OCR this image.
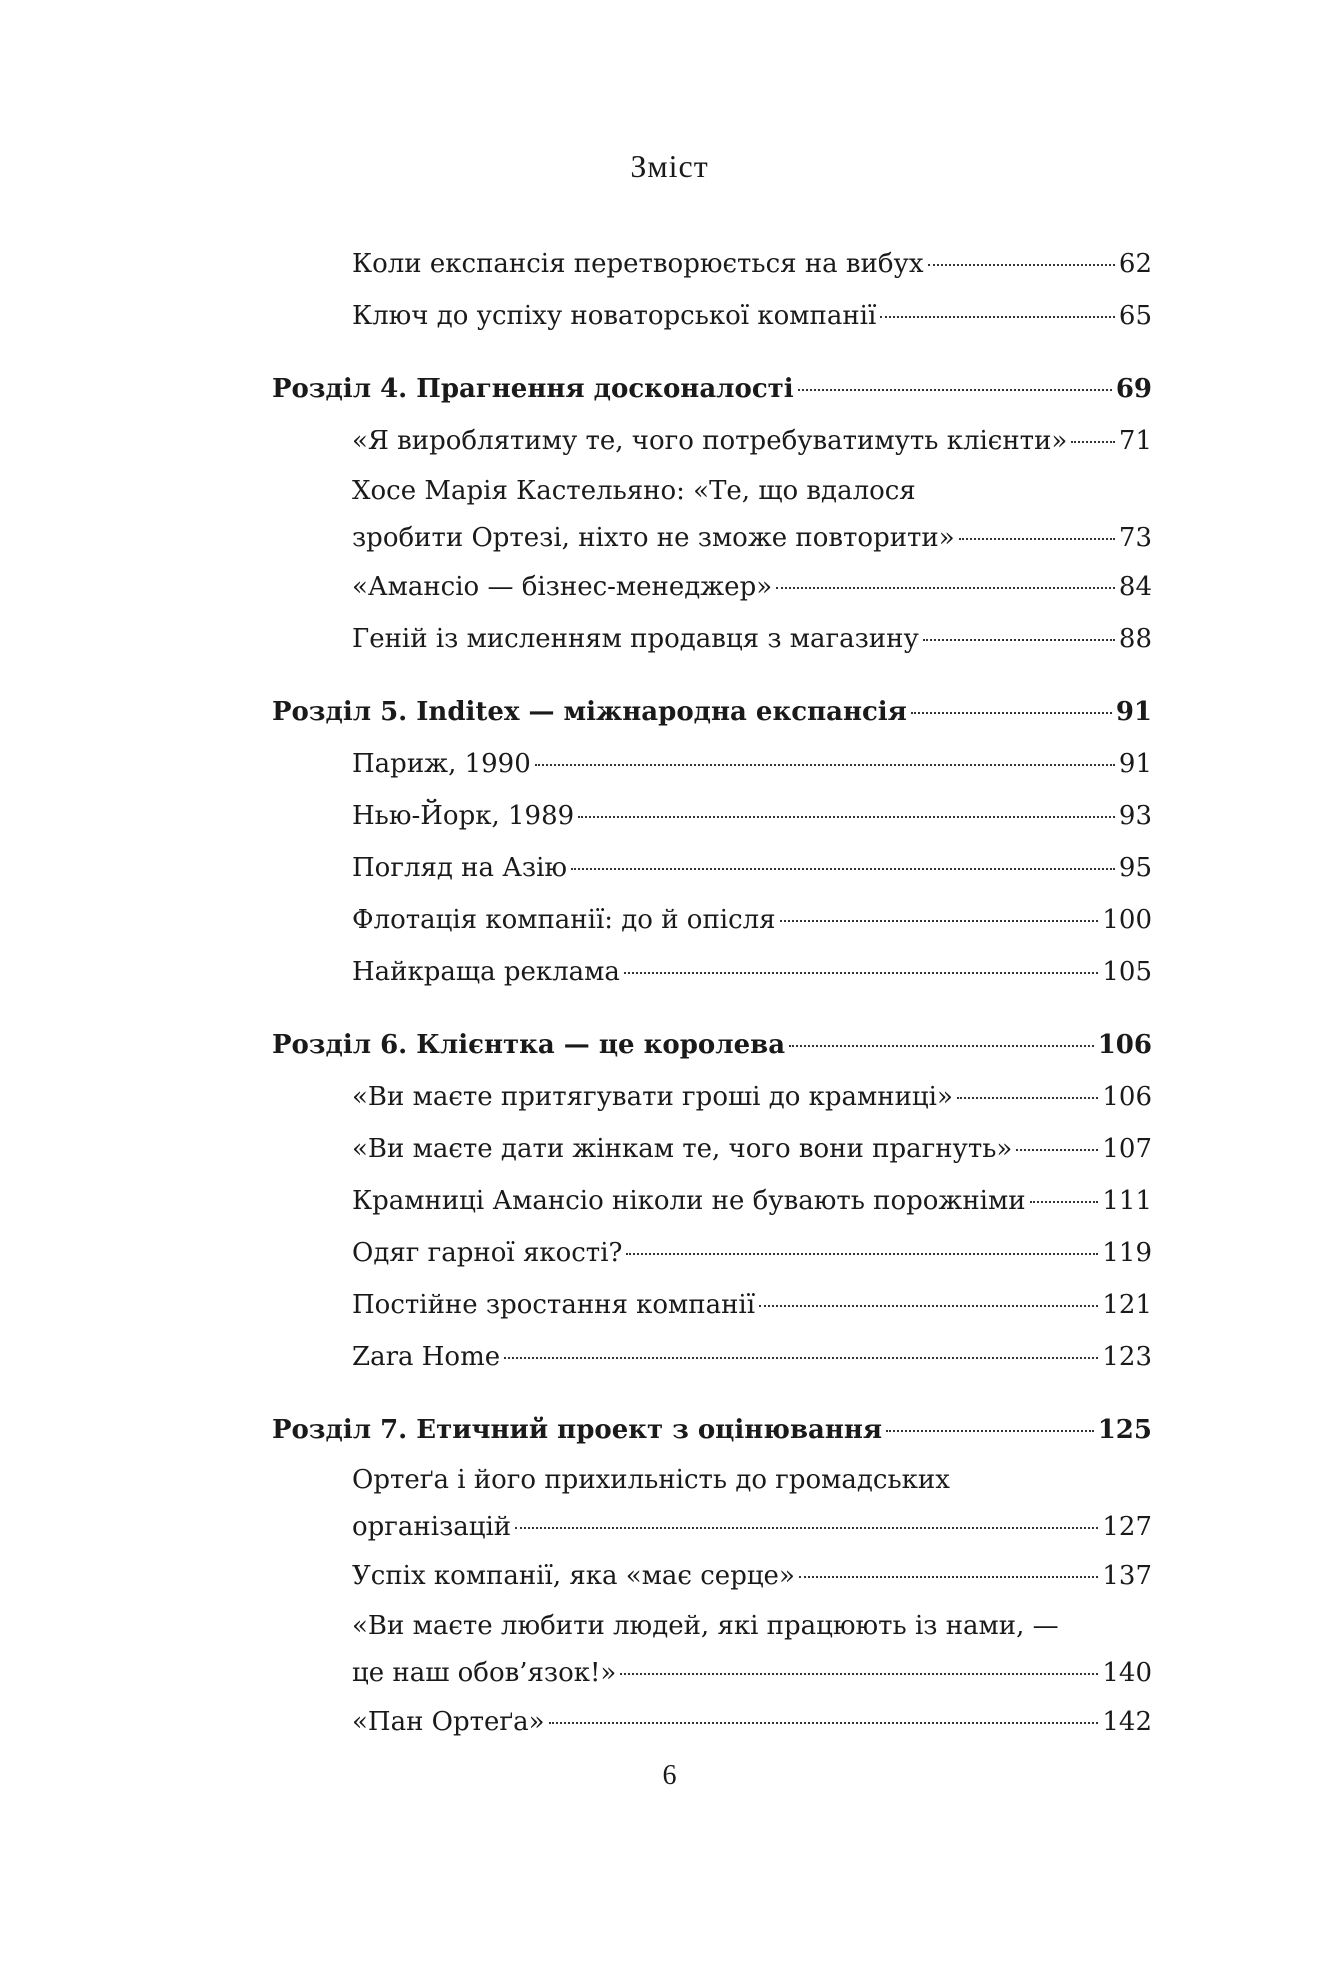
Зміст
Коли експансія перетворюється на вибух	62
Ключ до успіху новаторської компанії	65
Розділ 4. Прагнення досконалості	69
«Я вироблятиму те, чого потребуватимуть клієнти» 71
Хосе Марія Кастельяно: «Те, що вдалося
зробити Ортезі, ніхто не зможе повторити»	73
«Амансіо — бізнес-менеджер»	84
Геній із мисленням продавця з магазину	88
Розділ 5. Inditex — міжнародна експансія	91
Париж, 1990	91
Нью-Йорк, 1989	93
Погляд на Азію	95
Флотація компанії: до й опісля	100
Найкраща реклама	105
Розділ 6. Клієнтка — це королева	106
«Ви маєте притягувати гроші до крамниці»	106
«Ви маєте дати жінкам те, чого вони прагнуть»	107
Крамниці Амансіо ніколи не бувають порожніми	111
Одяг гарної якості?	119
Постійне зростання компанії	121
Zara Home	123
Розділ 7. Етичний проект з оцінювання	125
Ортеґа і його прихильність до громадських
організацій	127
Успіх компанії, яка «має серце»	137
«Ви маєте любити людей, які працюють із нами, —
це наш обов’язок!»	140
«Пан Ортеґа»	142
6
